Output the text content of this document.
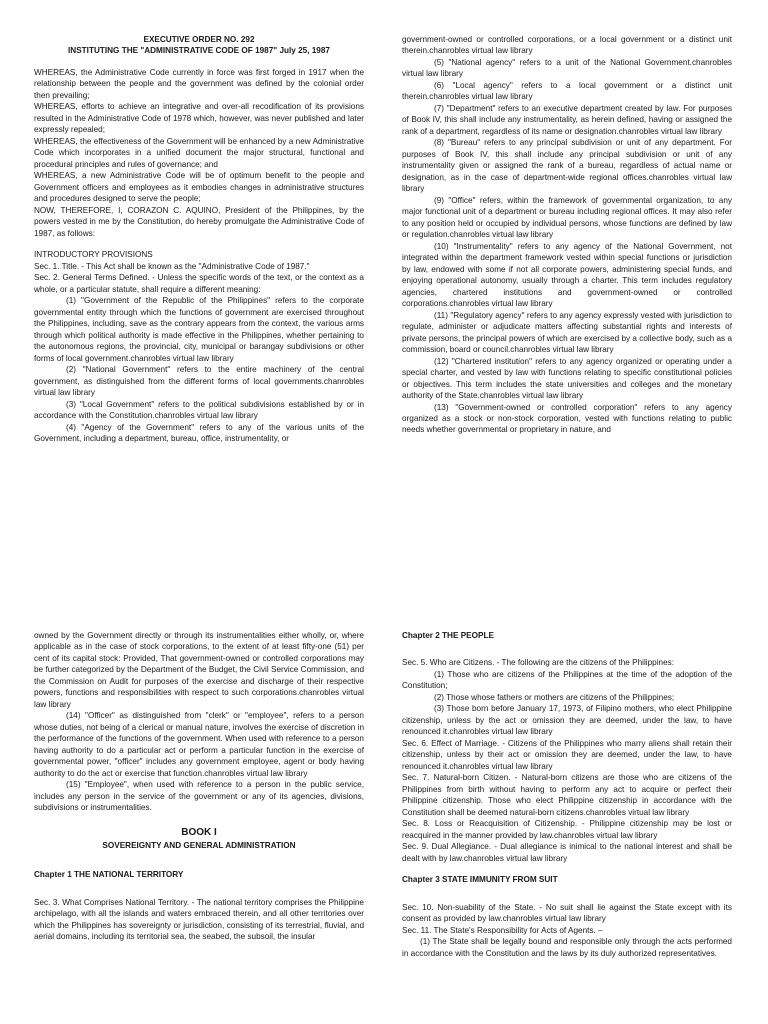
EXECUTIVE ORDER NO. 292

INSTITUTING THE "ADMINISTRATIVE CODE OF 1987" July 25, 1987

WHEREAS, the Administrative Code currently in force was first forged in 1917 when the relationship between the people and the government was defined by the colonial order then prevailing;

WHEREAS, efforts to achieve an integrative and over-all recodification of its provisions resulted in the Administrative Code of 1978 which, however, was never published and later expressly repealed;

WHEREAS, the effectiveness of the Government will be enhanced by a new Administrative Code which incorporates in a unified document the major structural, functional and procedural principles and rules of governance; and

WHEREAS, a new Administrative Code will be of optimum benefit to the people and Government officers and employees as it embodies changes in administrative structures and procedures designed to serve the people;

NOW, THEREFORE, I, CORAZON C. AQUINO, President of the Philippines, by the powers vested in me by the Constitution, do hereby promulgate the Administrative Code of 1987, as follows:

INTRODUCTORY PROVISIONS

Sec. 1. Title. - This Act shall be known as the "Administrative Code of 1987."

Sec. 2. General Terms Defined. - Unless the specific words of the text, or the context as a whole, or a particular statute, shall require a different meaning:

(1) "Government of the Republic of the Philippines" refers to the corporate governmental entity through which the functions of government are exercised throughout the Philippines, including, save as the contrary appears from the context, the various arms through which political authority is made effective in the Philippines, whether pertaining to the autonomous regions, the provincial, city, municipal or barangay subdivisions or other forms of local government.chanrobles virtual law library

(2) "National Government" refers to the entire machinery of the central government, as distinguished from the different forms of local governments.chanrobles virtual law library

(3) "Local Government" refers to the political subdivisions established by or in accordance with the Constitution.chanrobles virtual law library

(4) "Agency of the Government" refers to any of the various units of the Government, including a department, bureau, office, instrumentality, or

government-owned or controlled corporations, or a local government or a distinct unit therein.chanrobles virtual law library

(5) "National agency" refers to a unit of the National Government.chanrobles virtual law library

(6) "Local agency" refers to a local government or a distinct unit therein.chanrobles virtual law library

(7) "Department" refers to an executive department created by law. For purposes of Book IV, this shall include any instrumentality, as herein defined, having or assigned the rank of a department, regardless of its name or designation.chanrobles virtual law library

(8) "Bureau" refers to any principal subdivision or unit of any department. For purposes of Book IV, this shall include any principal subdivision or unit of any instrumentality given or assigned the rank of a bureau, regardless of actual name or designation, as in the case of department-wide regional offices.chanrobles virtual law library

(9) "Office" refers, within the framework of governmental organization, to any major functional unit of a department or bureau including regional offices. It may also refer to any position held or occupied by individual persons, whose functions are defined by law or regulation.chanrobles virtual law library

(10) "Instrumentality" refers to any agency of the National Government, not integrated within the department framework vested within special functions or jurisdiction by law, endowed with some if not all corporate powers, administering special funds, and enjoying operational autonomy, usually through a charter. This term includes regulatory agencies, chartered institutions and government-owned or controlled corporations.chanrobles virtual law library

(11) "Regulatory agency" refers to any agency expressly vested with jurisdiction to regulate, administer or adjudicate matters affecting substantial rights and interests of private persons, the principal powers of which are exercised by a collective body, such as a commission, board or council.chanrobles virtual law library

(12) "Chartered institution" refers to any agency organized or operating under a special charter, and vested by law with functions relating to specific constitutional policies or objectives. This term includes the state universities and colleges and the monetary authority of the State.chanrobles virtual law library

(13) "Government-owned or controlled corporation" refers to any agency organized as a stock or non-stock corporation, vested with functions relating to public needs whether governmental or proprietary in nature, and

owned by the Government directly or through its instrumentalities either wholly, or, where applicable as in the case of stock corporations, to the extent of at least fifty-one (51) per cent of its capital stock: Provided, That government-owned or controlled corporations may be further categorized by the Department of the Budget, the Civil Service Commission, and the Commission on Audit for purposes of the exercise and discharge of their respective powers, functions and responsibilities with respect to such corporations.chanrobles virtual law library

(14) "Officer" as distinguished from "clerk" or "employee", refers to a person whose duties, not being of a clerical or manual nature, involves the exercise of discretion in the performance of the functions of the government. When used with reference to a person having authority to do a particular act or perform a particular function in the exercise of governmental power, "officer" includes any government employee, agent or body having authority to do the act or exercise that function.chanrobles virtual law library

(15) "Employee", when used with reference to a person in the public service, includes any person in the service of the government or any of its agencies, divisions, subdivisions or instrumentalities.

BOOK I

SOVEREIGNTY AND GENERAL ADMINISTRATION

Chapter 1 THE NATIONAL TERRITORY

Sec. 3. What Comprises National Territory. - The national territory comprises the Philippine archipelago, with all the islands and waters embraced therein, and all other territories over which the Philippines has sovereignty or jurisdiction, consisting of its terrestrial, fluvial, and aerial domains, including its territorial sea, the seabed, the subsoil, the insular

Chapter 2 THE PEOPLE

Sec. 5. Who are Citizens. - The following are the citizens of the Philippines:

(1) Those who are citizens of the Philippines at the time of the adoption of the Constitution;

(2) Those whose fathers or mothers are citizens of the Philippines;

(3) Those born before January 17, 1973, of Filipino mothers, who elect Philippine citizenship, unless by the act or omission they are deemed, under the law, to have renounced it.chanrobles virtual law library

Sec. 6. Effect of Marriage. - Citizens of the Philippines who marry aliens shall retain their citizenship, unless by their act or omission they are deemed, under the law, to have renounced it.chanrobles virtual law library

Sec. 7. Natural-born Citizen. - Natural-born citizens are those who are citizens of the Philippines from birth without having to perform any act to acquire or perfect their Philippine citizenship. Those who elect Philippine citizenship in accordance with the Constitution shall be deemed natural-born citizens.chanrobles virtual law library

Sec. 8. Loss or Reacquisition of Citizenship. - Philippine citizenship may be lost or reacquired in the manner provided by law.chanrobles virtual law library

Sec. 9. Dual Allegiance. - Dual allegiance is inimical to the national interest and shall be dealt with by law.chanrobles virtual law library

Chapter 3 STATE IMMUNITY FROM SUIT

Sec. 10. Non-suability of the State. - No suit shall lie against the State except with its consent as provided by law.chanrobles virtual law library

Sec. 11. The State's Responsibility for Acts of Agents. –

(1) The State shall be legally bound and responsible only through the acts performed in accordance with the Constitution and the laws by its duly authorized representatives.
